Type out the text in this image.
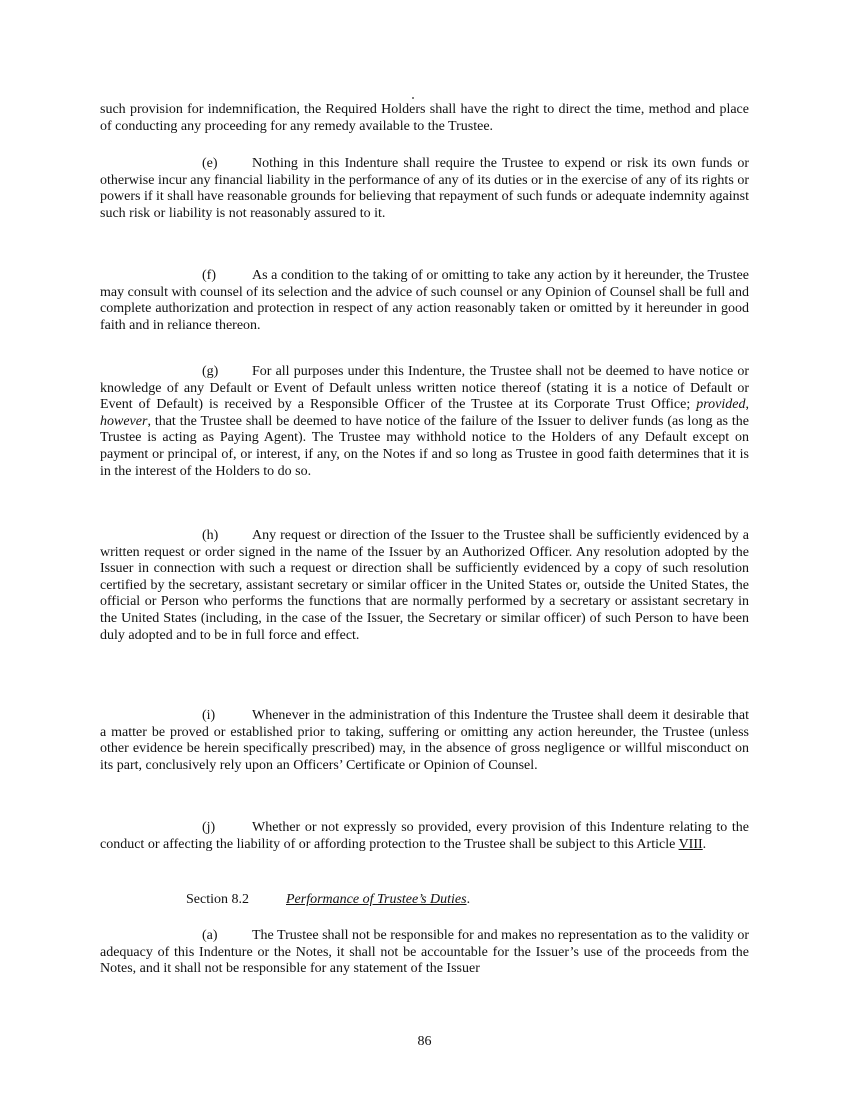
such provision for indemnification, the Required Holders shall have the right to direct the time, method and place of conducting any proceeding for any remedy available to the Trustee.

(e) Nothing in this Indenture shall require the Trustee to expend or risk its own funds or otherwise incur any financial liability in the performance of any of its duties or in the exercise of any of its rights or powers if it shall have reasonable grounds for believing that repayment of such funds or adequate indemnity against such risk or liability is not reasonably assured to it.

(f)	As a condition to the taking of or omitting to take any action by it hereunder, the Trustee may consult with counsel of its selection and the advice of such counsel or any Opinion of Counsel shall be full and complete authorization and protection in respect of any action reasonably taken or omitted by it hereunder in good faith and in reliance thereon.

(g) For all purposes under this Indenture, the Trustee shall not be deemed to have notice or knowledge of any Default or Event of Default unless written notice thereof (stating it is a notice of Default or Event of Default) is received by a Responsible Officer of the Trustee at its Corporate Trust Office; provided, however, that the Trustee shall be deemed to have notice of the failure of the Issuer to deliver funds (as long as the Trustee is acting as Paying Agent). The Trustee may withhold notice to the Holders of any Default except on payment or principal of, or interest, if any, on the Notes if and so long as Trustee in good faith determines that it is in the interest of the Holders to do so.

(h) Any request or direction of the Issuer to the Trustee shall be sufficiently evidenced by a written request or order signed in the name of the Issuer by an Authorized Officer. Any resolution adopted by the Issuer in connection with such a request or direction shall be sufficiently evidenced by a copy of such resolution certified by the secretary, assistant secretary or similar officer in the United States or, outside the United States, the official or Person who performs the functions that are normally performed by a secretary or assistant secretary in the United States (including, in the case of the Issuer, the Secretary or similar officer) of such Person to have been duly adopted and to be in full force and effect.

(i)	Whenever in the administration of this Indenture the Trustee shall deem it desirable that a matter be proved or established prior to taking, suffering or omitting any action hereunder, the Trustee (unless other evidence be herein specifically prescribed) may, in the absence of gross negligence or willful misconduct on its part, conclusively rely upon an Officers’ Certificate or Opinion of Counsel.

(j)	Whether or not expressly so provided, every provision of this Indenture relating to the conduct or affecting the liability of or affording protection to the Trustee shall be subject to this Article VIII.

Section 8.2	Performance of Trustee’s Duties.

(a) The Trustee shall not be responsible for and makes no representation as to the validity or adequacy of this Indenture or the Notes, it shall not be accountable for the Issuer’s use of the proceeds from the Notes, and it shall not be responsible for any statement of the Issuer

86
